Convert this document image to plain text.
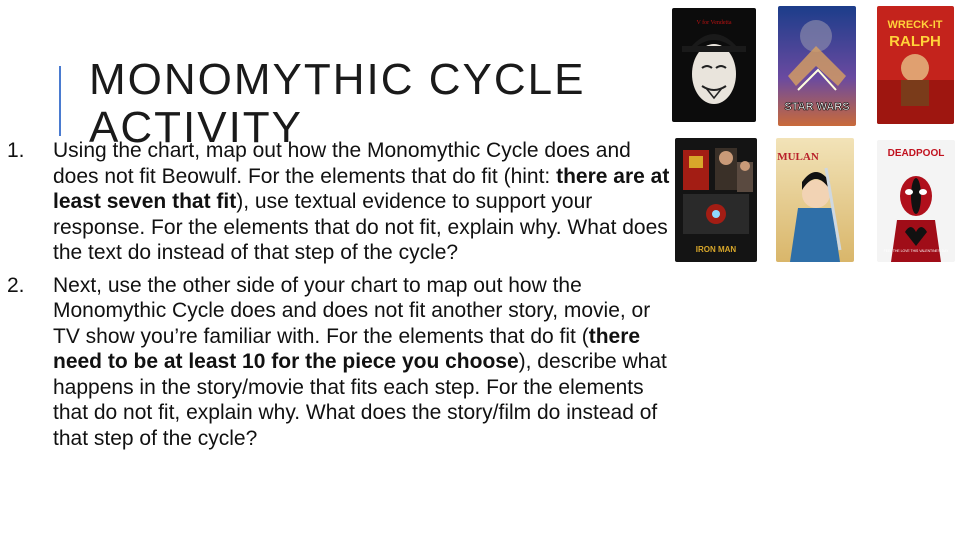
MONOMYTHIC CYCLE
ACTIVITY
1. Using the chart, map out how the Monomythic Cycle does and does not fit Beowulf. For the elements that do fit (hint: there are at least seven that fit), use textual evidence to support your response. For the elements that do not fit, explain why. What does the text do instead of that step of the cycle?
2. Next, use the other side of your chart to map out how the Monomythic Cycle does and does not fit another story, movie, or TV show you’re familiar with. For the elements that do fit (there need to be at least 10 for the piece you choose), describe what happens in the story/movie that fits each step. For the elements that do not fit, explain why. What does the story/film do instead of that step of the cycle?
V for Vendetta
STAR WARS
WRECK-IT
RALPH
IRON MAN
MULAN	DEADPOOL
FEEL THE LOVE THIS VALENTINE'S DAY
